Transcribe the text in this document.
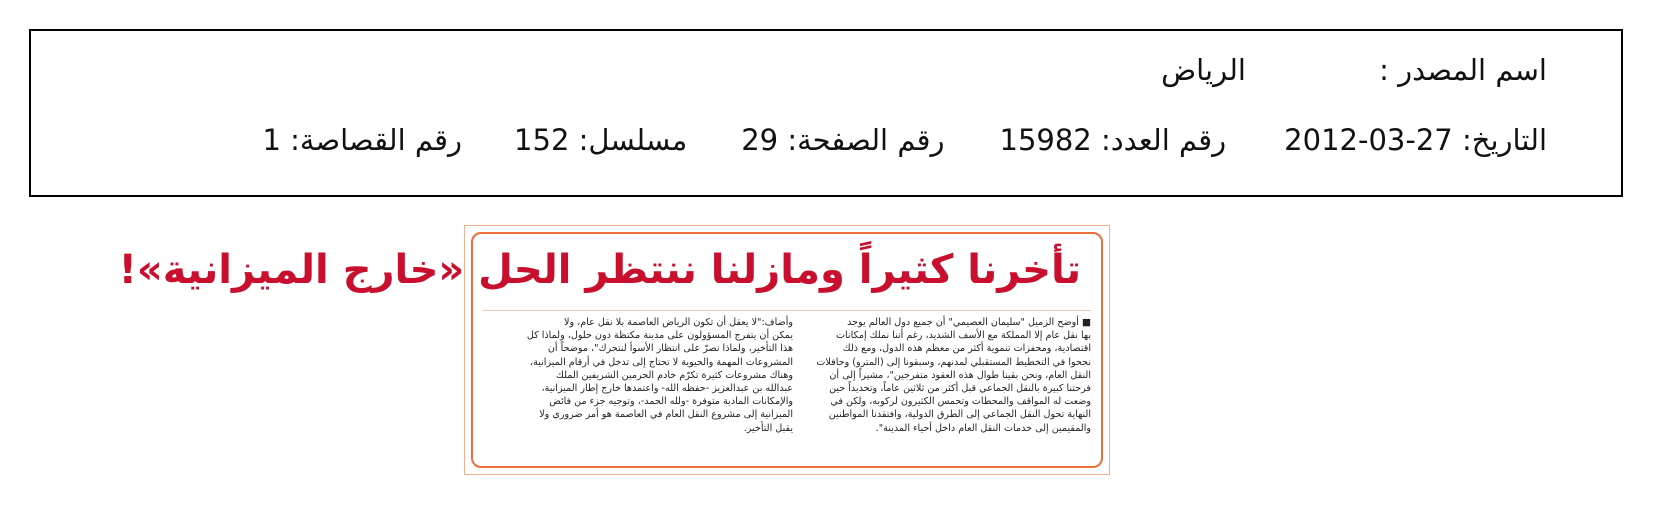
اسم المصدر :
الرياض
التاريخ: 27-03-2012رقم العدد: 15982رقم الصفحة: 29مسلسل: 152رقم القصاصة: 1
تأخرنا كثيراً ومازلنا ننتظر الحل «خارج الميزانية»!
■ أوضح الزميل "سليمان العصيمي" أن جميع دول العالم يوجد
بها نقل عام إلا المملكة مع الأسف الشديد، رغم أننا نملك إمكانات
اقتصادية، ومحفزات تنموية أكثر من معظم هذه الدول، ومع ذلك
نجحوا في التخطيط المستقبلي لمدنهم، وسبقونا إلى (المترو) وحافلات
النقل العام، ونحن بقينا طوال هذه العقود متفرجين"، مشيراً إلى أن
فرحتنا كبيرة بالنقل الجماعي قبل أكثر من ثلاثين عاماً، وتحديداً حين
وضعت له المواقف والمحطات وتحمس الكثيرون لركوبه، ولكن في
النهاية تحول النقل الجماعي إلى الطرق الدولية، وافتقدنا المواطنين
والمقيمين إلى خدمات النقل العام داخل أحياء المدينة".
وأضاف:"لا يعقل أن تكون الرياض العاصمة بلا نقل عام، ولا
يمكن أن يتفرج المسؤولون على مدينة مكتظة دون حلول، ولماذا كل
هذا التأخير، ولماذا نصرّ على انتظار الأسوأ لنتحرك"، موضحاً أن
المشروعات المهمة والحيوية لا تحتاج إلى تدخل في أرقام الميزانية،
وهناك مشروعات كثيرة تكرّم خادم الحرمين الشريفين الملك
عبدالله بن عبدالعزيز -حفظه الله- واعتمدها خارج إطار الميزانية،
والإمكانات المادية متوفرة -ولله الحمد-، وتوجيه جزء من فائض
الميزانية إلى مشروع النقل العام في العاصمة هو أمر ضروري ولا
يقبل التأخير.
